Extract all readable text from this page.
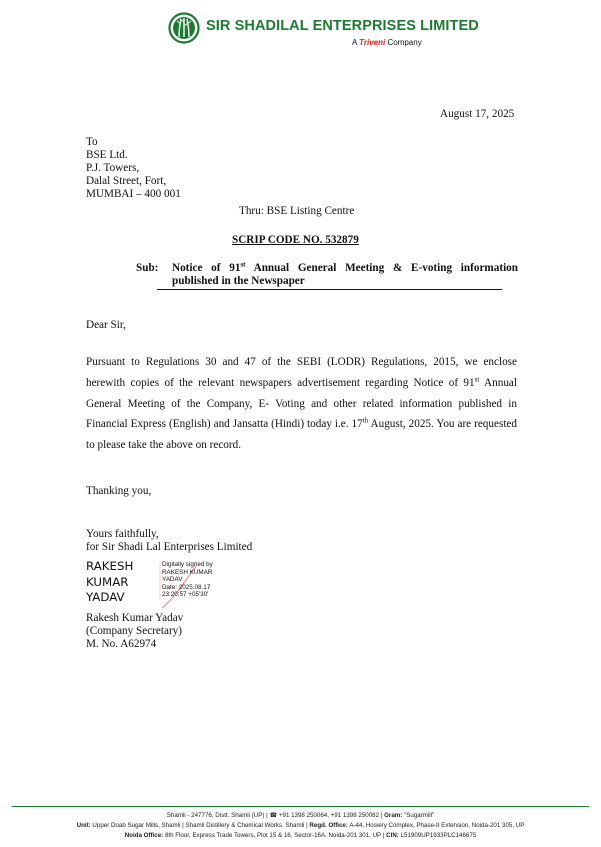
SIR SHADILAL ENTERPRISES LIMITED
A Triveni Company
August 17, 2025
To
BSE Ltd.
P.J. Towers,
Dalal Street, Fort,
MUMBAI – 400 001
Thru: BSE Listing Centre
SCRIP CODE NO. 532879
Sub: Notice of 91st Annual General Meeting & E-voting information published in the Newspaper
Dear Sir,
Pursuant to Regulations 30 and 47 of the SEBI (LODR) Regulations, 2015, we enclose herewith copies of the relevant newspapers advertisement regarding Notice of 91st Annual General Meeting of the Company, E- Voting and other related information published in Financial Express (English) and Jansatta (Hindi) today i.e. 17th August, 2025. You are requested to please take the above on record.
Thanking you,
Yours faithfully,
for Sir Shadi Lal Enterprises Limited
RAKESH
KUMAR
YADAV
Digitally signed by
RAKESH KUMAR
YADAV
Date: 2025.08.17
23:20:57 +05'30'
Rakesh Kumar Yadav
(Company Secretary)
M. No. A62974
Shamli - 247776, Distt. Shamli (UP) | ☎ +91 1398 250064, +91 1398 250082 | Gram: "Sugarmill"
Unit: Upper Doab Sugar Mills, Shamli | Shamli Distillery & Chemical Works, Shamli | Regd. Office: A-44, Hosiery Complex, Phase-II Extension, Noida-201 305, UP
Noida Office: 8th Floor, Express Trade Towers, Plot 15 & 16, Sector-16A, Noida-201 301, UP | CIN: L51909UP1933PLC146675
